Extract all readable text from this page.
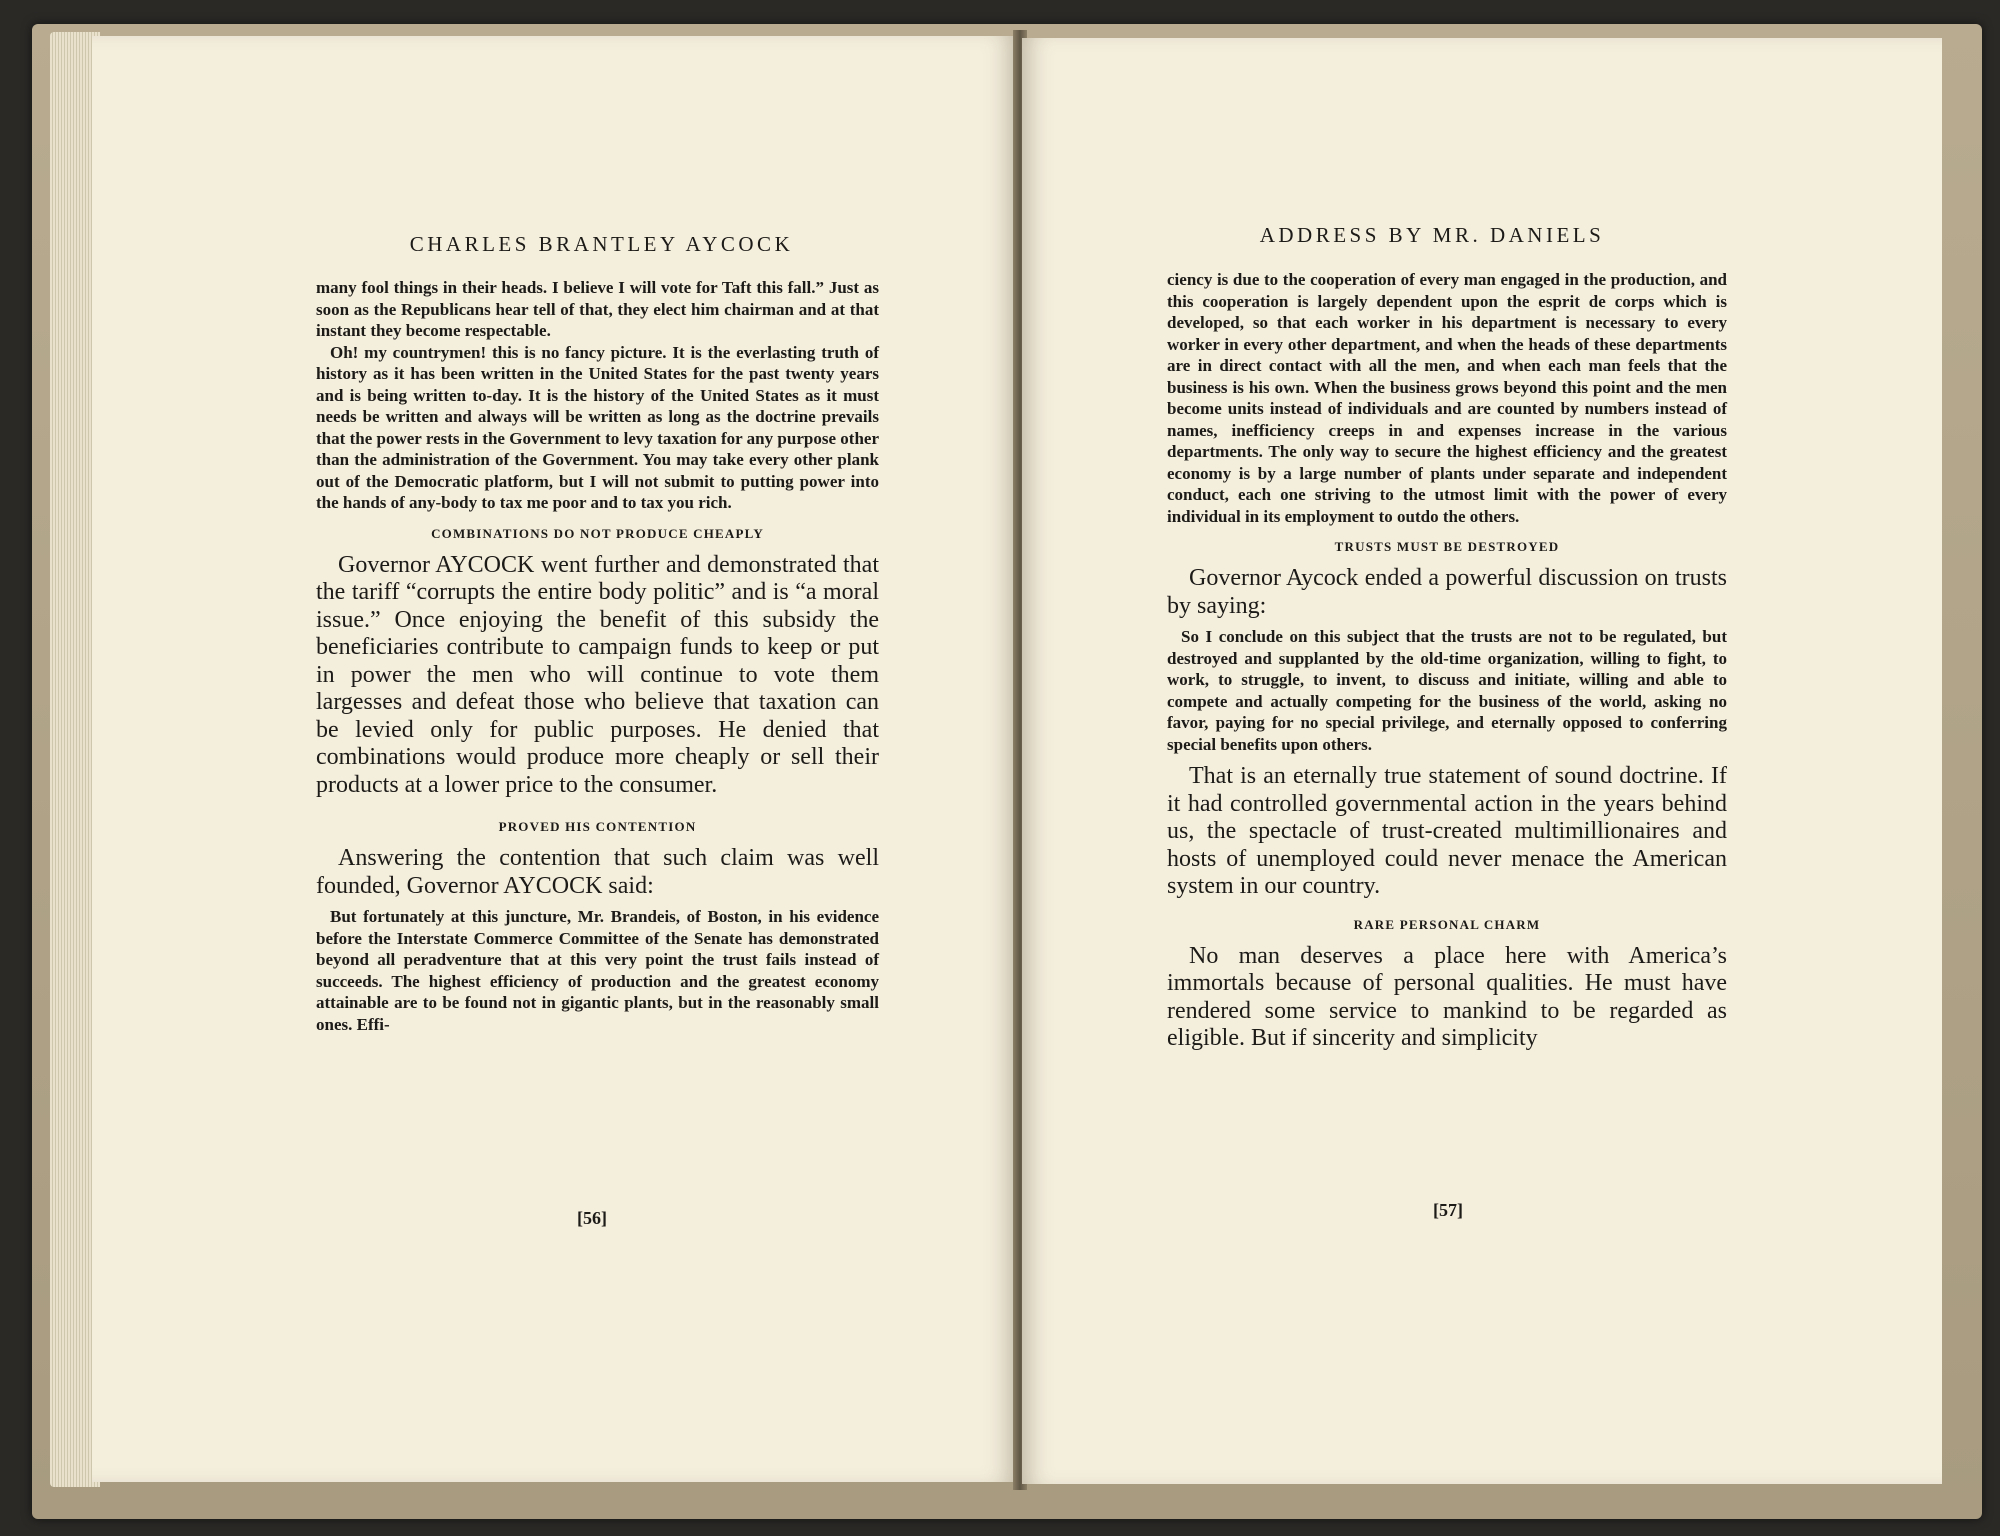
CHARLES BRANTLEY AYCOCK

many fool things in their heads. I believe I will vote for Taft this fall.” Just as soon as the Republicans hear tell of that, they elect him chairman and at that instant they become respectable.

Oh! my countrymen! this is no fancy picture. It is the everlasting truth of history as it has been written in the United States for the past twenty years and is being written to-day. It is the history of the United States as it must needs be written and always will be written as long as the doctrine prevails that the power rests in the Government to levy taxation for any purpose other than the administration of the Government. You may take every other plank out of the Democratic platform, but I will not submit to putting power into the hands of any-body to tax me poor and to tax you rich.

COMBINATIONS DO NOT PRODUCE CHEAPLY

Governor AYCOCK went further and demonstrated that the tariff “corrupts the entire body politic” and is “a moral issue.” Once enjoying the benefit of this subsidy the beneficiaries contribute to campaign funds to keep or put in power the men who will continue to vote them largesses and defeat those who believe that taxation can be levied only for public purposes. He denied that combinations would produce more cheaply or sell their products at a lower price to the consumer.

PROVED HIS CONTENTION

Answering the contention that such claim was well founded, Governor AYCOCK said:

But fortunately at this juncture, Mr. Brandeis, of Boston, in his evidence before the Interstate Commerce Committee of the Senate has demonstrated beyond all peradventure that at this very point the trust fails instead of succeeds. The highest efficiency of production and the greatest economy attainable are to be found not in gigantic plants, but in the reasonably small ones. Effi-

[56]
ADDRESS BY MR. DANIELS

ciency is due to the cooperation of every man engaged in the production, and this cooperation is largely dependent upon the esprit de corps which is developed, so that each worker in his department is necessary to every worker in every other department, and when the heads of these departments are in direct contact with all the men, and when each man feels that the business is his own. When the business grows beyond this point and the men become units instead of individuals and are counted by numbers instead of names, inefficiency creeps in and expenses increase in the various departments. The only way to secure the highest efficiency and the greatest economy is by a large number of plants under separate and independent conduct, each one striving to the utmost limit with the power of every individual in its employment to outdo the others.

TRUSTS MUST BE DESTROYED

Governor Aycock ended a powerful discussion on trusts by saying:

So I conclude on this subject that the trusts are not to be regulated, but destroyed and supplanted by the old-time organization, willing to fight, to work, to struggle, to invent, to discuss and initiate, willing and able to compete and actually competing for the business of the world, asking no favor, paying for no special privilege, and eternally opposed to conferring special benefits upon others.

That is an eternally true statement of sound doctrine. If it had controlled governmental action in the years behind us, the spectacle of trust-created multimillionaires and hosts of unemployed could never menace the American system in our country.

RARE PERSONAL CHARM

No man deserves a place here with America’s immortals because of personal qualities. He must have rendered some service to mankind to be regarded as eligible. But if sincerity and simplicity

[57]
